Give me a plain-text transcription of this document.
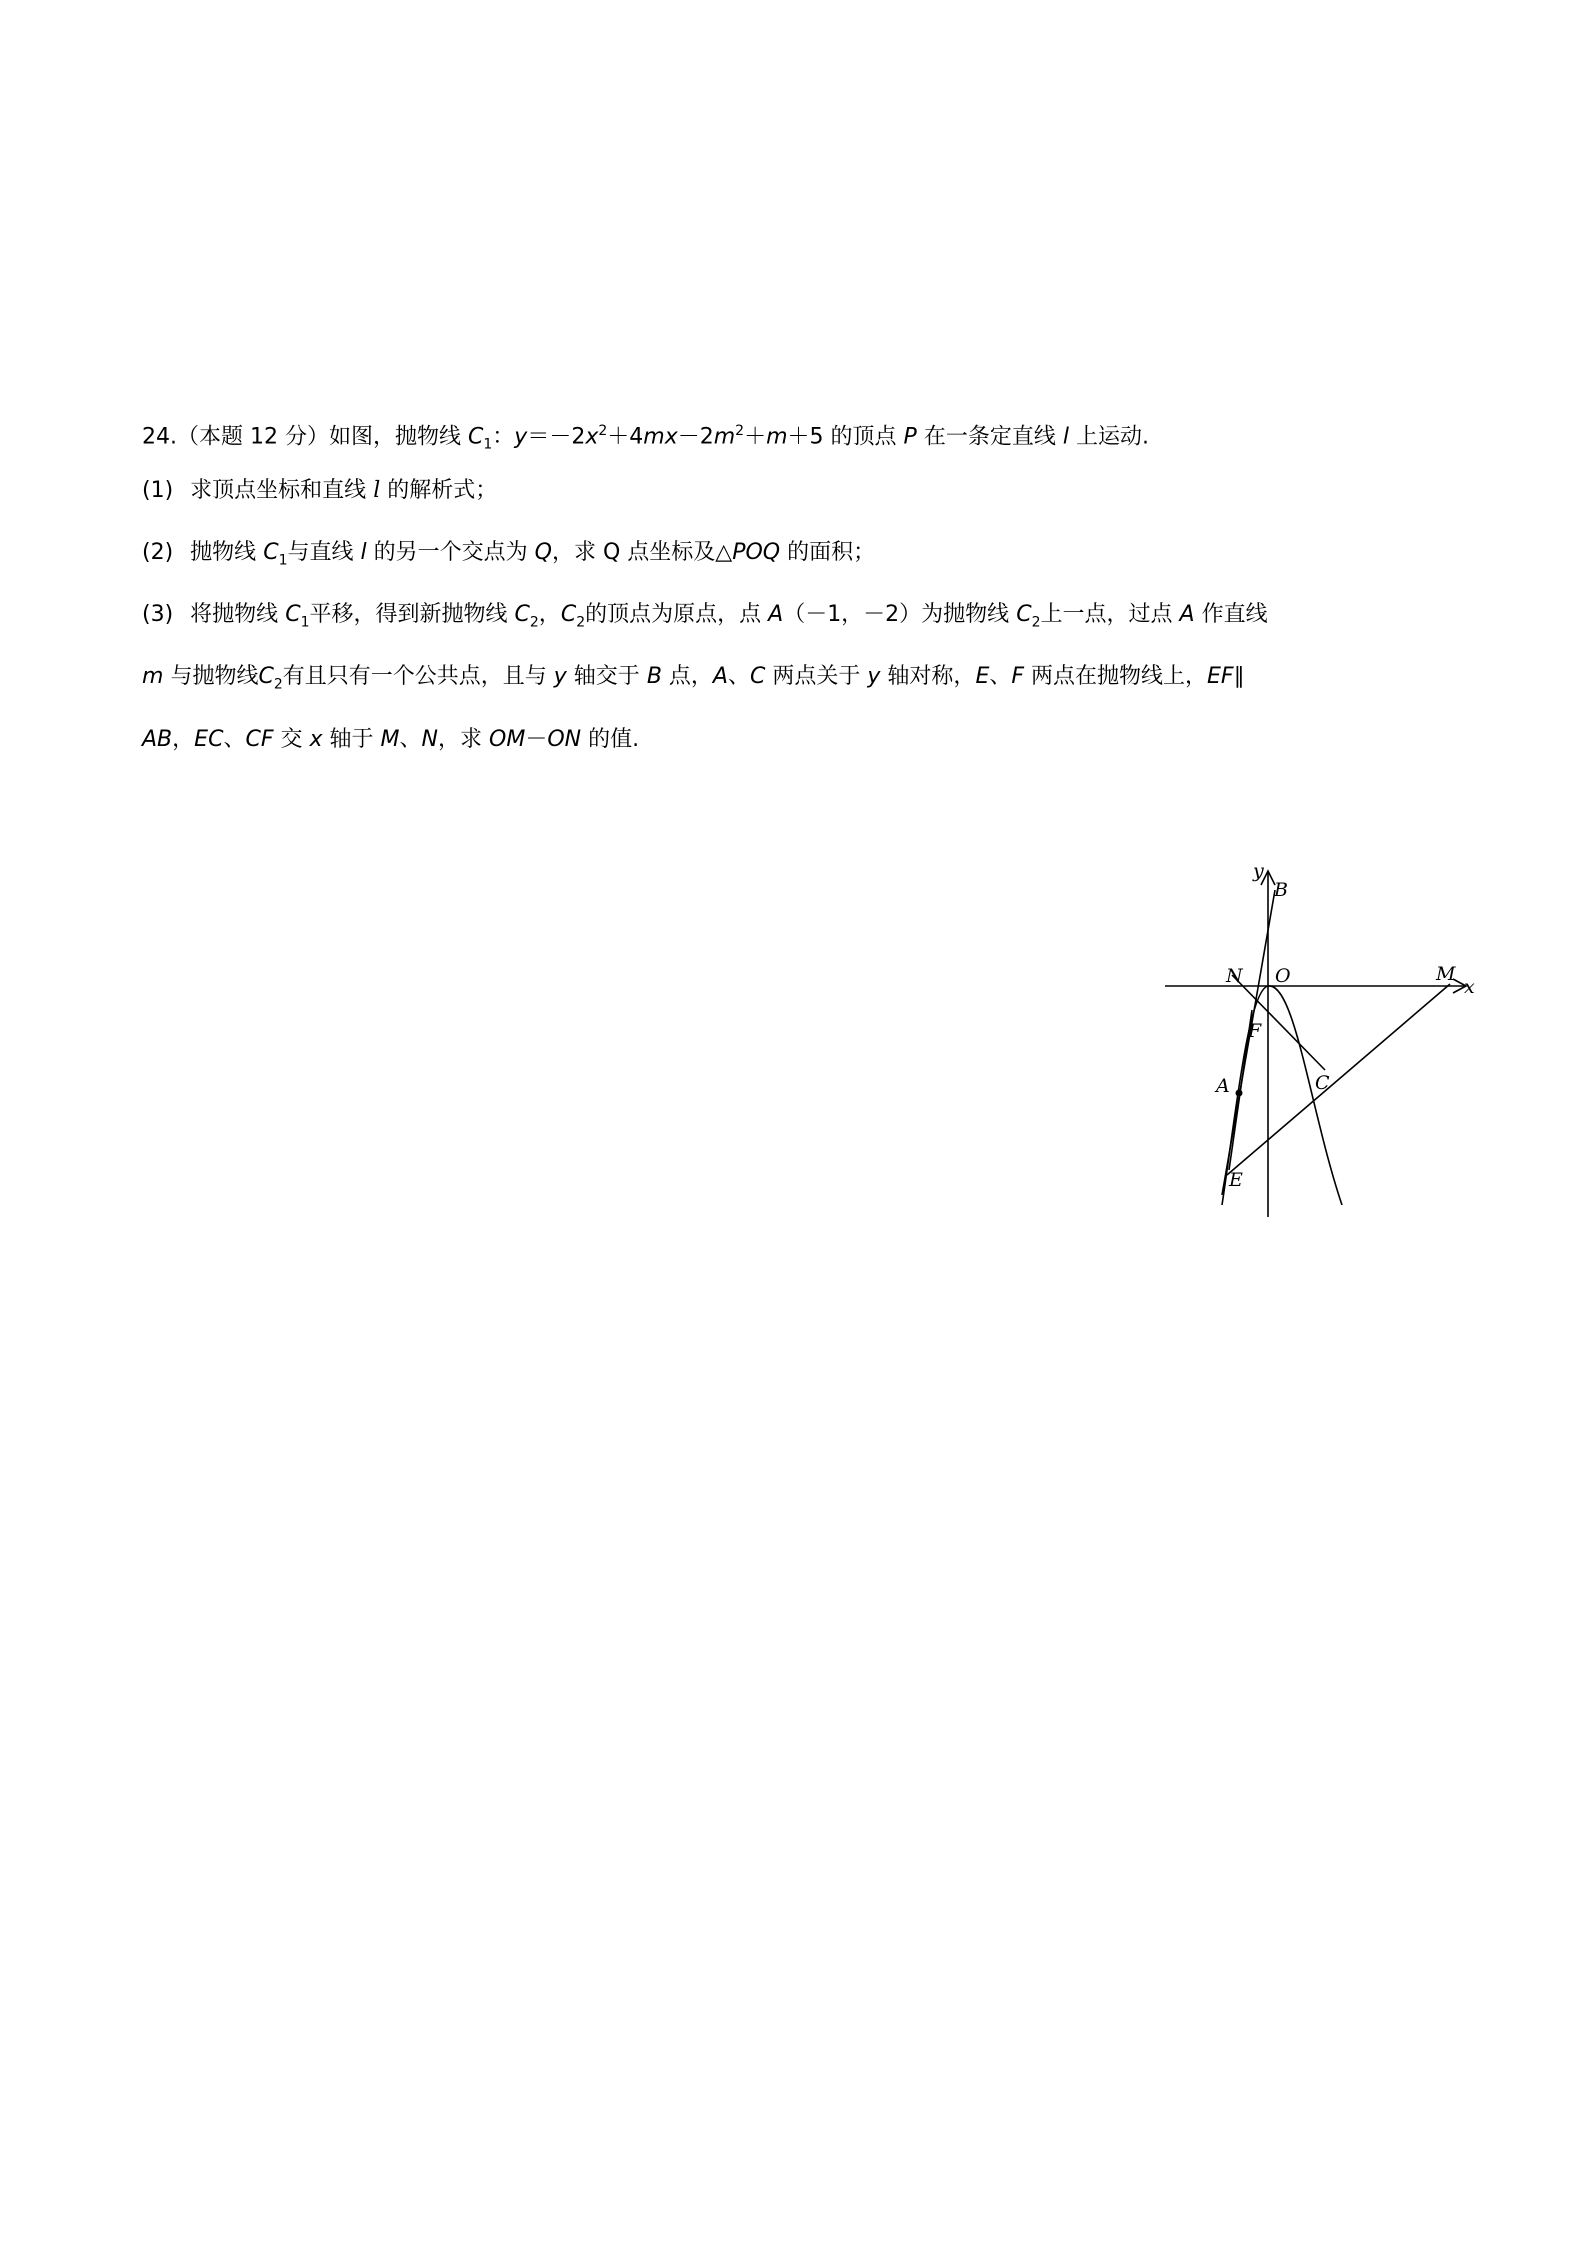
24.（本题 12 分）如图，抛物线 $C_1$：$y=-2x^2+4mx-2m^2+m+5$ 的顶点 P 在一条定直线 l 上运动.
(1) 求顶点坐标和直线 l 的解析式；
(2) 抛物线 $C_1$与直线 l 的另一个交点为 Q，求 Q 点坐标及△POQ 的面积；
(3) 将抛物线 $C_1$平移，得到新抛物线 $C_2$，$C_2$的顶点为原点，点 A（－1，－2）为抛物线 $C_2$上一点，过点 A 作直线
m 与抛物线$C_2$有且只有一个公共点，且与 y 轴交于 B 点，A、C 两点关于 y 轴对称，E、F 两点在抛物线上，EF∥
AB，EC、CF 交 x 轴于 M、N，求 OM－ON 的值.
y
B
N O	M
x
F
A	C
E
